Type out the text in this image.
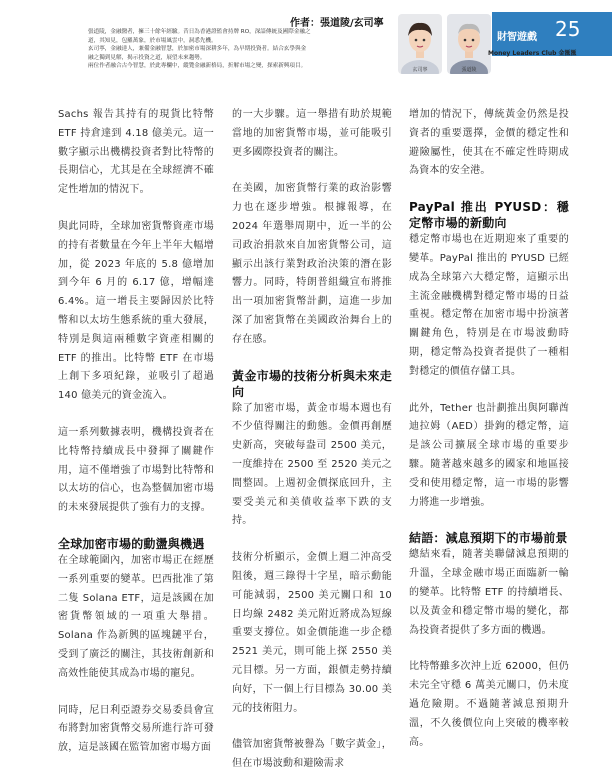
作者：張道陵/玄司寧
張道陵，金融醫者，擁三十餘年經驗。昔日為香港證監會持牌 RO，深諳傳統及國際金融之
道，其知見，包羅萬象，於市場風雲中，洞悉先機。
玄司寧，金融達人，兼備金融智慧，於加密市場深耕多年，為早期投資者。結合玄學與金
融之獨到見解，揭示投資之道，展望未來趨勢。
兩位作者融合古今智慧，於此專欄中，縱覽金融新格局，折解市場之變，探索新興項目。
玄司寧	張道陵
財智遊戲 25
Money Leaders Club 金匯匯

Sachs 報告其持有的現貨比特幣 ETF 持倉達到 4.18 億美元。這一數字顯示出機構投資者對比特幣的長期信心，尤其是在全球經濟不確定性增加的情況下。

與此同時，全球加密貨幣資產市場的持有者數量在今年上半年大幅增加，從 2023 年底的 5.8 億增加到今年 6 月的 6.17 億，增幅達 6.4%。這一增長主要歸因於比特幣和以太坊生態系統的重大發展，特別是與這兩種數字資產相關的 ETF 的推出。比特幣 ETF 在市場上創下多項紀錄，並吸引了超過 140 億美元的資金流入。

這一系列數據表明，機構投資者在比特幣持續成長中發揮了關鍵作用，這不僅增強了市場對比特幣和以太坊的信心，也為整個加密市場的未來發展提供了強有力的支撐。

全球加密市場的動盪與機遇

在全球範圍內，加密市場正在經歷一系列重要的變革。巴西批准了第二隻 Solana ETF，這是該國在加密貨幣領域的一項重大舉措。Solana 作為新興的區塊鏈平台，受到了廣泛的關注，其技術創新和高效性能使其成為市場的寵兒。

同時，尼日利亞證券交易委員會宣布將對加密貨幣交易所進行許可發放，這是該國在監管加密市場方面

的一大步驟。這一舉措有助於規範當地的加密貨幣市場，並可能吸引更多國際投資者的關注。

在美國，加密貨幣行業的政治影響力也在逐步增強。根據報導，在 2024 年選舉周期中，近一半的公司政治捐款來自加密貨幣公司，這顯示出該行業對政治決策的潛在影響力。同時，特朗普組織宣布將推出一項加密貨幣計劃，這進一步加深了加密貨幣在美國政治舞台上的存在感。

黃金市場的技術分析與未來走向

除了加密市場，黃金市場本週也有不少值得關注的動態。金價再創歷史新高，突破每盎司 2500 美元，一度維持在 2500 至 2520 美元之間整固。上週初金價探底回升，主要受美元和美債收益率下跌的支持。

技術分析顯示，金價上週二沖高受阻後，週三錄得十字星，暗示動能可能減弱，2500 美元關口和 10 日均線 2482 美元附近將成為短線重要支撐位。如金價能進一步企穩 2521 美元，則可能上探 2550 美元目標。另一方面，銀價走勢持續向好，下一個上行目標為 30.00 美元的技術阻力。

儘管加密貨幣被譽為「數字黃金」，但在市場波動和避險需求

增加的情況下，傳統黃金仍然是投資者的重要選擇，金價的穩定性和避險屬性，使其在不確定性時期成為資本的安全港。

PayPal 推出 PYUSD：穩定幣市場的新動向

穩定幣市場也在近期迎來了重要的變革。PayPal 推出的 PYUSD 已經成為全球第六大穩定幣，這顯示出主流金融機構對穩定幣市場的日益重視。穩定幣在加密市場中扮演著關鍵角色，特別是在市場波動時期，穩定幣為投資者提供了一種相對穩定的價值存儲工具。

此外，Tether 也計劃推出與阿聯酋迪拉姆（AED）掛鉤的穩定幣，這是該公司擴展全球市場的重要步驟。隨著越來越多的國家和地區接受和使用穩定幣，這一市場的影響力將進一步增強。

結語：減息預期下的市場前景

總結來看，隨著美聯儲減息預期的升溫，全球金融市場正面臨新一輪的變革。比特幣 ETF 的持續增長、以及黃金和穩定幣市場的變化，都為投資者提供了多方面的機遇。

比特幣雖多次沖上近 62000，但仍未完全守穩 6 萬美元關口，仍未度過危險期。不過隨著減息預期升溫，不久後價位向上突破的機率較高。
